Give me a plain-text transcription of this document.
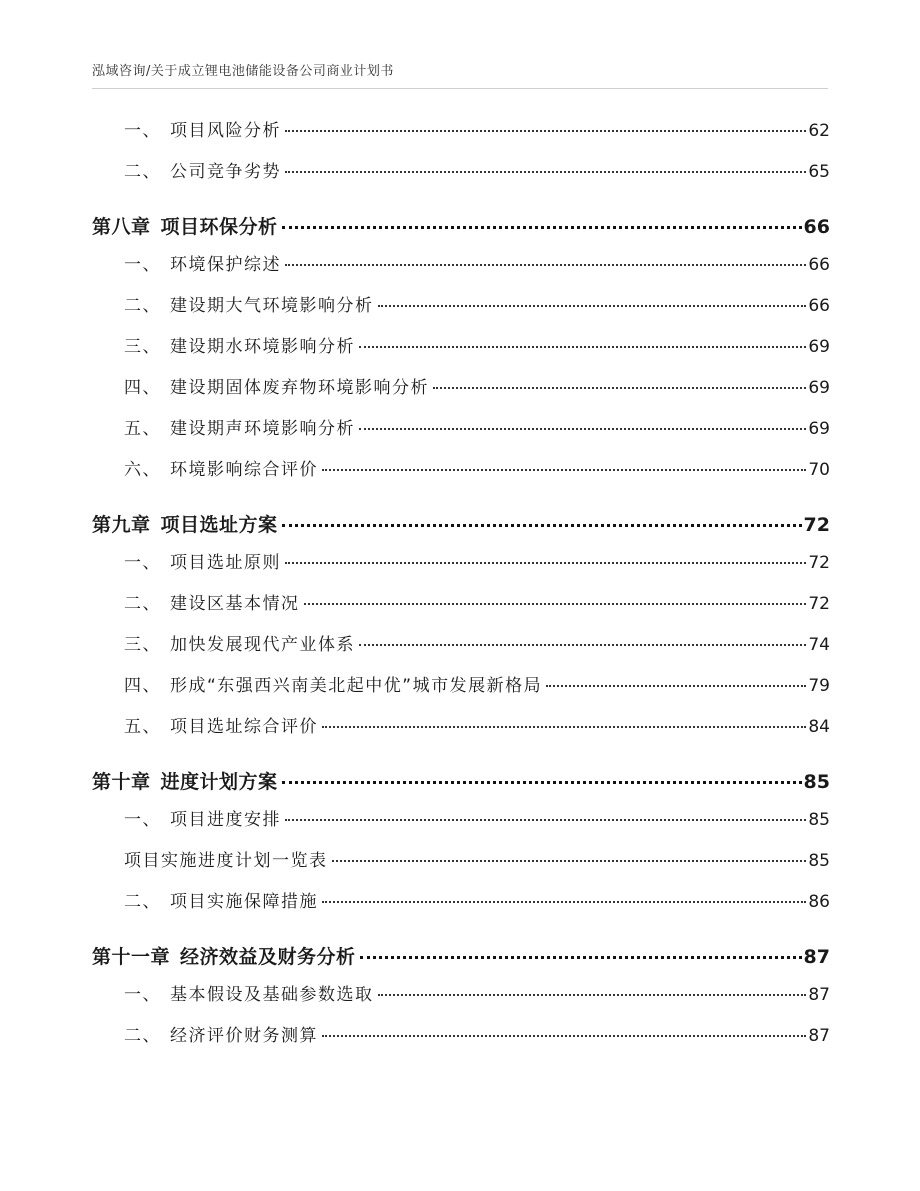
泓域咨询/关于成立锂电池储能设备公司商业计划书
一、 项目风险分析	62
二、 公司竞争劣势	65
第八章 项目环保分析	66
一、 环境保护综述	66
二、 建设期大气环境影响分析	66
三、 建设期水环境影响分析	69
四、 建设期固体废弃物环境影响分析	69
五、 建设期声环境影响分析	69
六、 环境影响综合评价	70
第九章 项目选址方案	72
一、 项目选址原则	72
二、 建设区基本情况	72
三、 加快发展现代产业体系	74
四、 形成“东强西兴南美北起中优”城市发展新格局	79
五、 项目选址综合评价	84
第十章 进度计划方案	85
一、 项目进度安排	85
项目实施进度计划一览表	85
二、 项目实施保障措施	86
第十一章 经济效益及财务分析	87
一、 基本假设及基础参数选取	87
二、 经济评价财务测算	87
